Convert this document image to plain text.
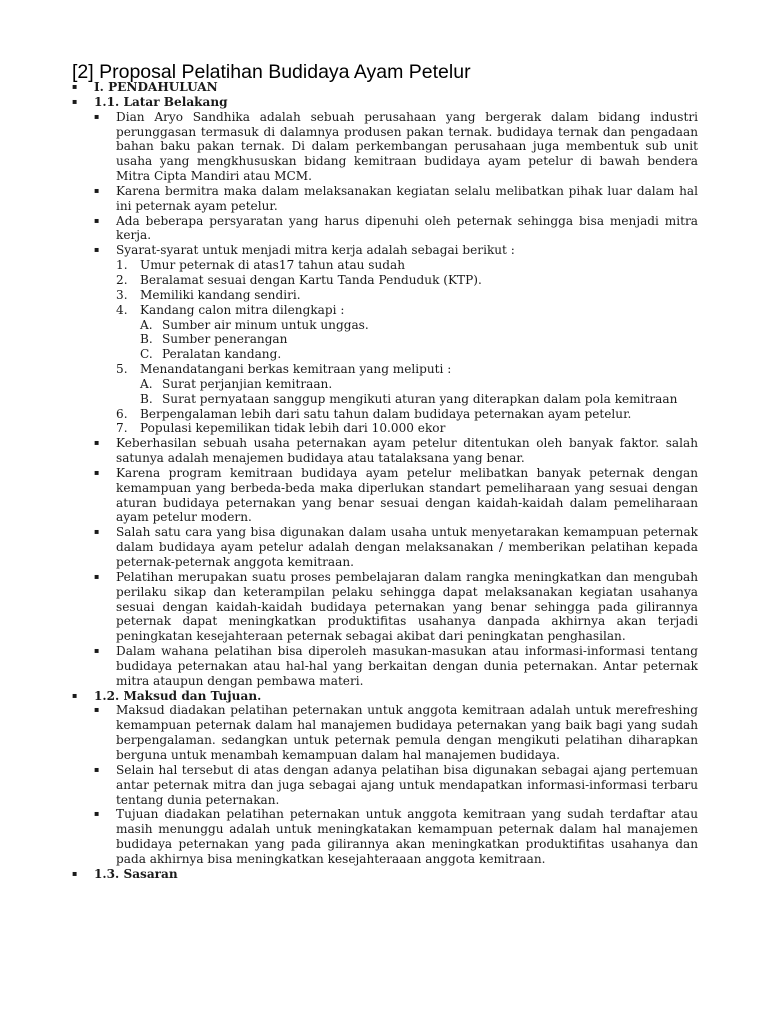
[2] Proposal Pelatihan Budidaya Ayam Petelur
▪ I. PENDAHULUAN
▪ 1.1. Latar Belakang
▪ Dian Aryo Sandhika adalah sebuah perusahaan yang bergerak dalam bidang industri perunggasan termasuk di dalamnya produsen pakan ternak. budidaya ternak dan pengadaan bahan baku pakan ternak. Di dalam perkembangan perusahaan juga membentuk sub unit usaha yang mengkhususkan bidang kemitraan budidaya ayam petelur di bawah bendera Mitra Cipta Mandiri atau MCM.
▪ Karena bermitra maka dalam melaksanakan kegiatan selalu melibatkan pihak luar dalam hal ini peternak ayam petelur.
▪ Ada beberapa persyaratan yang harus dipenuhi oleh peternak sehingga bisa menjadi mitra kerja.
▪ Syarat-syarat untuk menjadi mitra kerja adalah sebagai berikut :
1. Umur peternak di atas17 tahun atau sudah
2. Beralamat sesuai dengan Kartu Tanda Penduduk (KTP).
3. Memiliki kandang sendiri.
4. Kandang calon mitra dilengkapi :
A. Sumber air minum untuk unggas.
B. Sumber penerangan
C. Peralatan kandang.
5. Menandatangani berkas kemitraan yang meliputi :
A. Surat perjanjian kemitraan.
B. Surat pernyataan sanggup mengikuti aturan yang diterapkan dalam pola kemitraan
6. Berpengalaman lebih dari satu tahun dalam budidaya peternakan ayam petelur.
7. Populasi kepemilikan tidak lebih dari 10.000 ekor
▪ Keberhasilan sebuah usaha peternakan ayam petelur ditentukan oleh banyak faktor. salah satunya adalah menajemen budidaya atau tatalaksana yang benar.
▪ Karena program kemitraan budidaya ayam petelur melibatkan banyak peternak dengan kemampuan yang berbeda-beda maka diperlukan standart pemeliharaan yang sesuai dengan aturan budidaya peternakan yang benar sesuai dengan kaidah-kaidah dalam pemeliharaan ayam petelur modern.
▪ Salah satu cara yang bisa digunakan dalam usaha untuk menyetarakan kemampuan peternak dalam budidaya ayam petelur adalah dengan melaksanakan / memberikan pelatihan kepada peternak-peternak anggota kemitraan.
▪ Pelatihan merupakan suatu proses pembelajaran dalam rangka meningkatkan dan mengubah perilaku sikap dan keterampilan pelaku sehingga dapat melaksanakan kegiatan usahanya sesuai dengan kaidah-kaidah budidaya peternakan yang benar sehingga pada gilirannya peternak dapat meningkatkan produktifitas usahanya danpada akhirnya akan terjadi peningkatan kesejahteraan peternak sebagai akibat dari peningkatan penghasilan.
▪ Dalam wahana pelatihan bisa diperoleh masukan-masukan atau informasi-informasi tentang budidaya peternakan atau hal-hal yang berkaitan dengan dunia peternakan. Antar peternak mitra ataupun dengan pembawa materi.
▪ 1.2. Maksud dan Tujuan.
▪ Maksud diadakan pelatihan peternakan untuk anggota kemitraan adalah untuk merefreshing kemampuan peternak dalam hal manajemen budidaya peternakan yang baik bagi yang sudah berpengalaman. sedangkan untuk peternak pemula dengan mengikuti pelatihan diharapkan berguna untuk menambah kemampuan dalam hal manajemen budidaya.
▪ Selain hal tersebut di atas dengan adanya pelatihan bisa digunakan sebagai ajang pertemuan antar peternak mitra dan juga sebagai ajang untuk mendapatkan informasi-informasi terbaru tentang dunia peternakan.
▪ Tujuan diadakan pelatihan peternakan untuk anggota kemitraan yang sudah terdaftar atau masih menunggu adalah untuk meningkatakan kemampuan peternak dalam hal manajemen budidaya peternakan yang pada gilirannya akan meningkatkan produktifitas usahanya dan pada akhirnya bisa meningkatkan kesejahteraaan anggota kemitraan.
▪ 1.3. Sasaran
